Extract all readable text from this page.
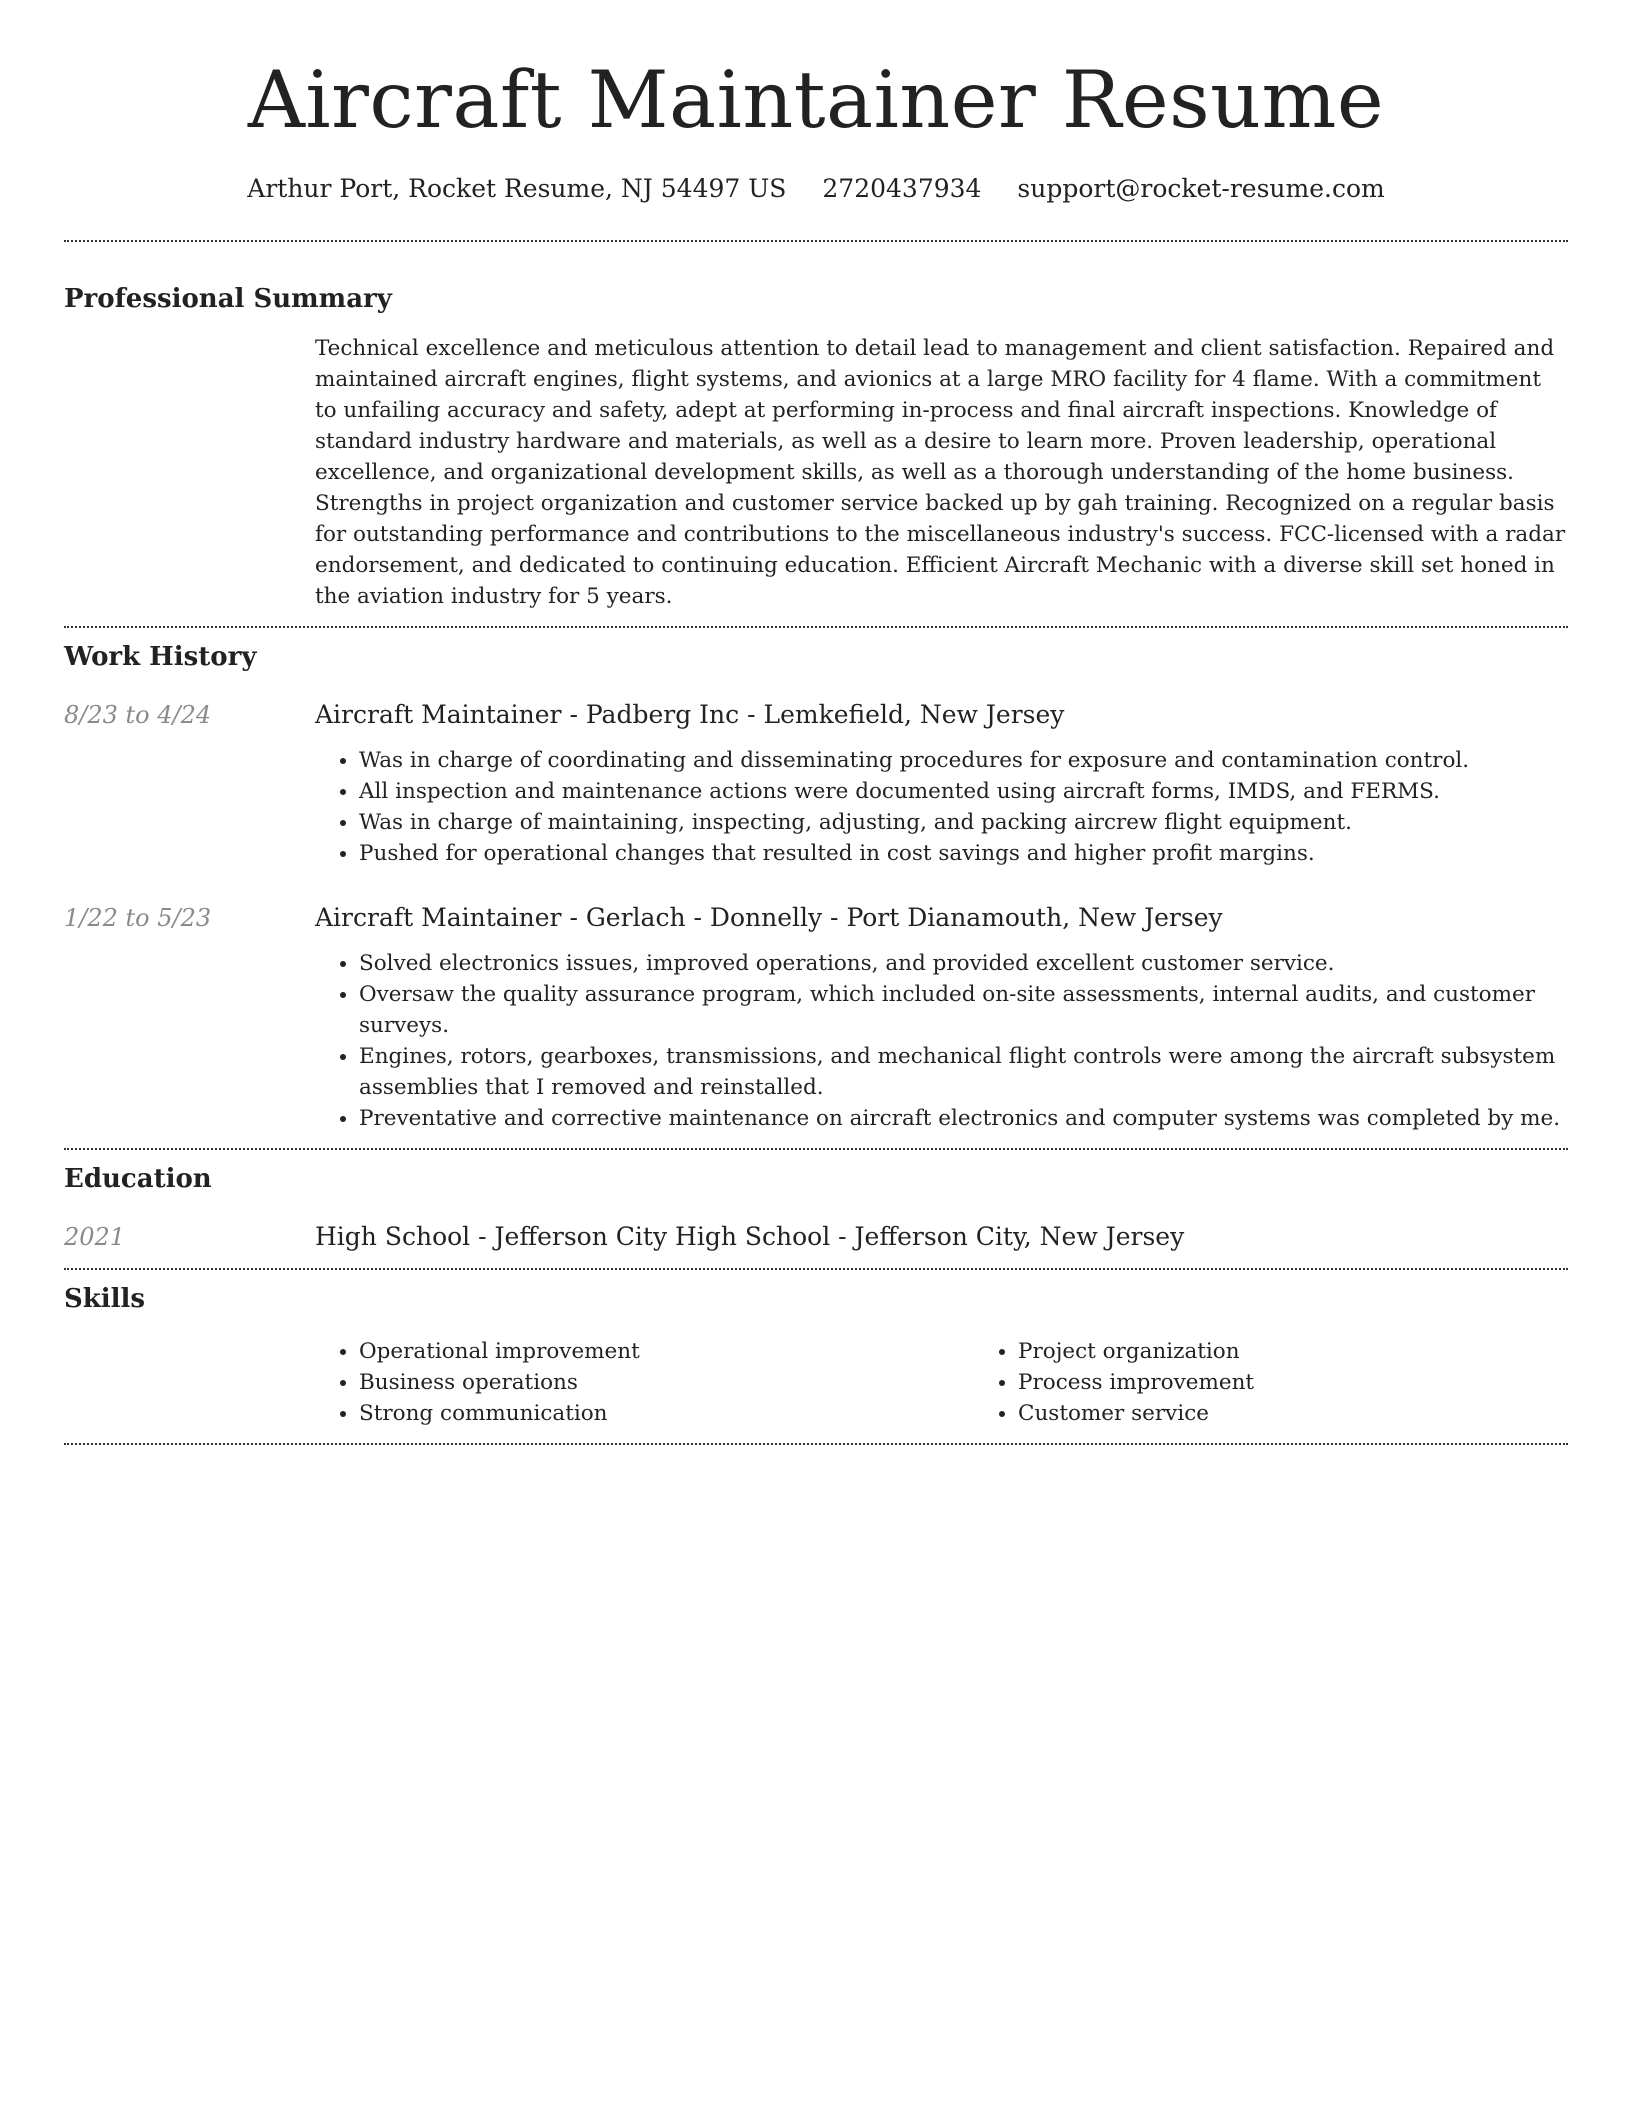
Aircraft Maintainer Resume
Arthur Port, Rocket Resume, NJ 54497 US 2720437934 support@rocket-resume.com
Professional Summary

Technical excellence and meticulous attention to detail lead to management and client satisfaction. Repaired and maintained aircraft engines, flight systems, and avionics at a large MRO facility for 4 flame. With a commitment to unfailing accuracy and safety, adept at performing in-process and final aircraft inspections. Knowledge of standard industry hardware and materials, as well as a desire to learn more. Proven leadership, operational excellence, and organizational development skills, as well as a thorough understanding of the home business. Strengths in project organization and customer service backed up by gah training. Recognized on a regular basis for outstanding performance and contributions to the miscellaneous industry's success. FCC-licensed with a radar endorsement, and dedicated to continuing education. Efficient Aircraft Mechanic with a diverse skill set honed in the aviation industry for 5 years.

Work History
8/23 to 4/24	Aircraft Maintainer - Padberg Inc - Lemkefield, New Jersey
• Was in charge of coordinating and disseminating procedures for exposure and contamination control.
• All inspection and maintenance actions were documented using aircraft forms, IMDS, and FERMS.
• Was in charge of maintaining, inspecting, adjusting, and packing aircrew flight equipment.
• Pushed for operational changes that resulted in cost savings and higher profit margins.
1/22 to 5/23	Aircraft Maintainer - Gerlach - Donnelly - Port Dianamouth, New Jersey
• Solved electronics issues, improved operations, and provided excellent customer service.
• Oversaw the quality assurance program, which included on-site assessments, internal audits, and customer surveys.
• Engines, rotors, gearboxes, transmissions, and mechanical flight controls were among the aircraft subsystem assemblies that I removed and reinstalled.
• Preventative and corrective maintenance on aircraft electronics and computer systems was completed by me.
Education
2021	High School - Jefferson City High School - Jefferson City, New Jersey
Skills
• Operational improvement
• Business operations
• Strong communication
• Project organization
• Process improvement
• Customer service
